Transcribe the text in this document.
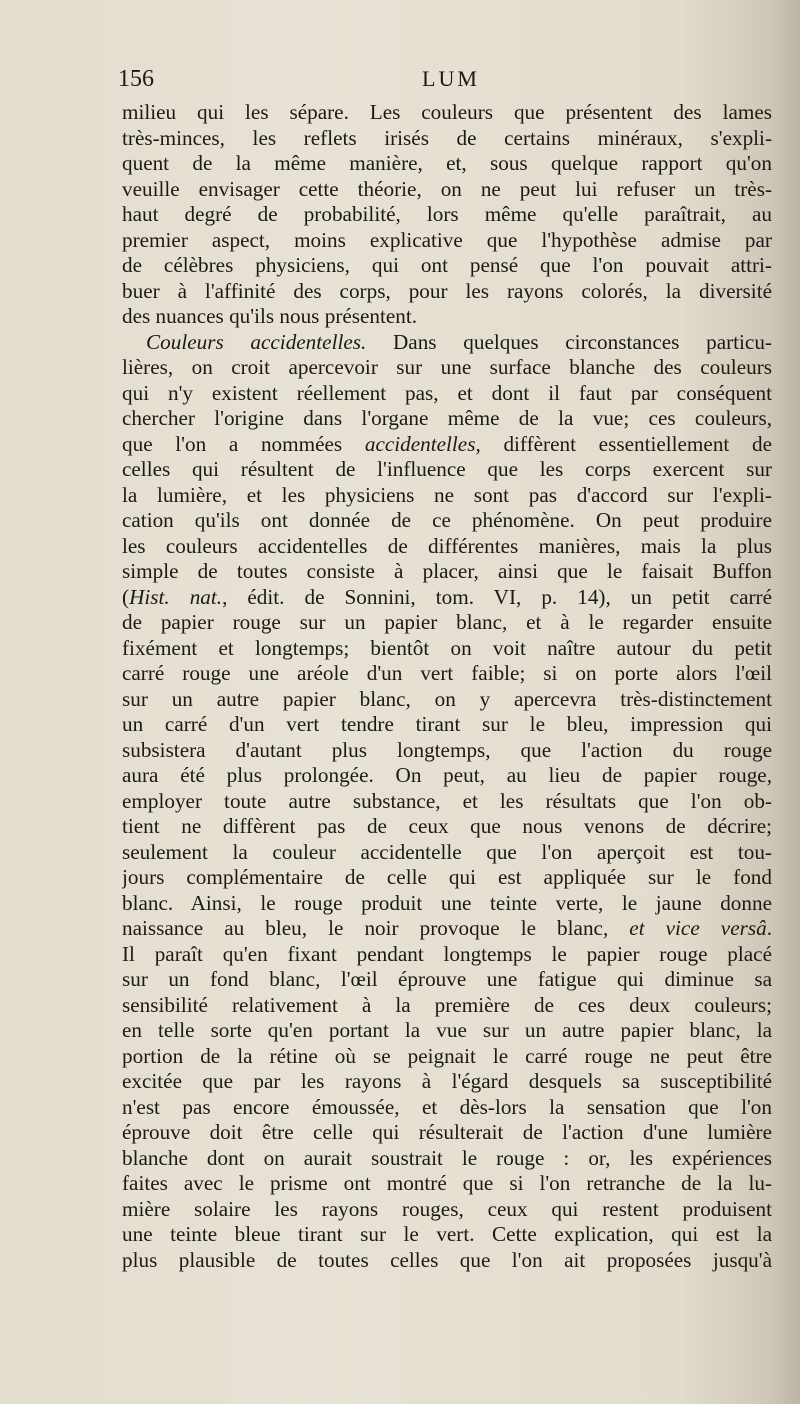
156	LUM
milieu qui les sépare. Les couleurs que présentent des lames
très-minces, les reflets irisés de certains minéraux, s'expli-
quent de la même manière, et, sous quelque rapport qu'on
veuille envisager cette théorie, on ne peut lui refuser un très-
haut degré de probabilité, lors même qu'elle paraîtrait, au
premier aspect, moins explicative que l'hypothèse admise par
de célèbres physiciens, qui ont pensé que l'on pouvait attri-
buer à l'affinité des corps, pour les rayons colorés, la diversité
des nuances qu'ils nous présentent.
Couleurs accidentelles. Dans quelques circonstances particu-
lières, on croit apercevoir sur une surface blanche des couleurs
qui n'y existent réellement pas, et dont il faut par conséquent
chercher l'origine dans l'organe même de la vue; ces couleurs,
que l'on a nommées accidentelles, diffèrent essentiellement de
celles qui résultent de l'influence que les corps exercent sur
la lumière, et les physiciens ne sont pas d'accord sur l'expli-
cation qu'ils ont donnée de ce phénomène. On peut produire
les couleurs accidentelles de différentes manières, mais la plus
simple de toutes consiste à placer, ainsi que le faisait Buffon
(Hist. nat., édit. de Sonnini, tom. VI, p. 14), un petit carré
de papier rouge sur un papier blanc, et à le regarder ensuite
fixément et longtemps; bientôt on voit naître autour du petit
carré rouge une aréole d'un vert faible; si on porte alors l'œil
sur un autre papier blanc, on y apercevra très-distinctement
un carré d'un vert tendre tirant sur le bleu, impression qui
subsistera d'autant plus longtemps, que l'action du rouge
aura été plus prolongée. On peut, au lieu de papier rouge,
employer toute autre substance, et les résultats que l'on ob-
tient ne diffèrent pas de ceux que nous venons de décrire;
seulement la couleur accidentelle que l'on aperçoit est tou-
jours complémentaire de celle qui est appliquée sur le fond
blanc. Ainsi, le rouge produit une teinte verte, le jaune donne
naissance au bleu, le noir provoque le blanc, et vice versâ.
Il paraît qu'en fixant pendant longtemps le papier rouge placé
sur un fond blanc, l'œil éprouve une fatigue qui diminue sa
sensibilité relativement à la première de ces deux couleurs;
en telle sorte qu'en portant la vue sur un autre papier blanc, la
portion de la rétine où se peignait le carré rouge ne peut être
excitée que par les rayons à l'égard desquels sa susceptibilité
n'est pas encore émoussée, et dès-lors la sensation que l'on
éprouve doit être celle qui résulterait de l'action d'une lumière
blanche dont on aurait soustrait le rouge : or, les expériences
faites avec le prisme ont montré que si l'on retranche de la lu-
mière solaire les rayons rouges, ceux qui restent produisent
une teinte bleue tirant sur le vert. Cette explication, qui est la
plus plausible de toutes celles que l'on ait proposées jusqu'à
